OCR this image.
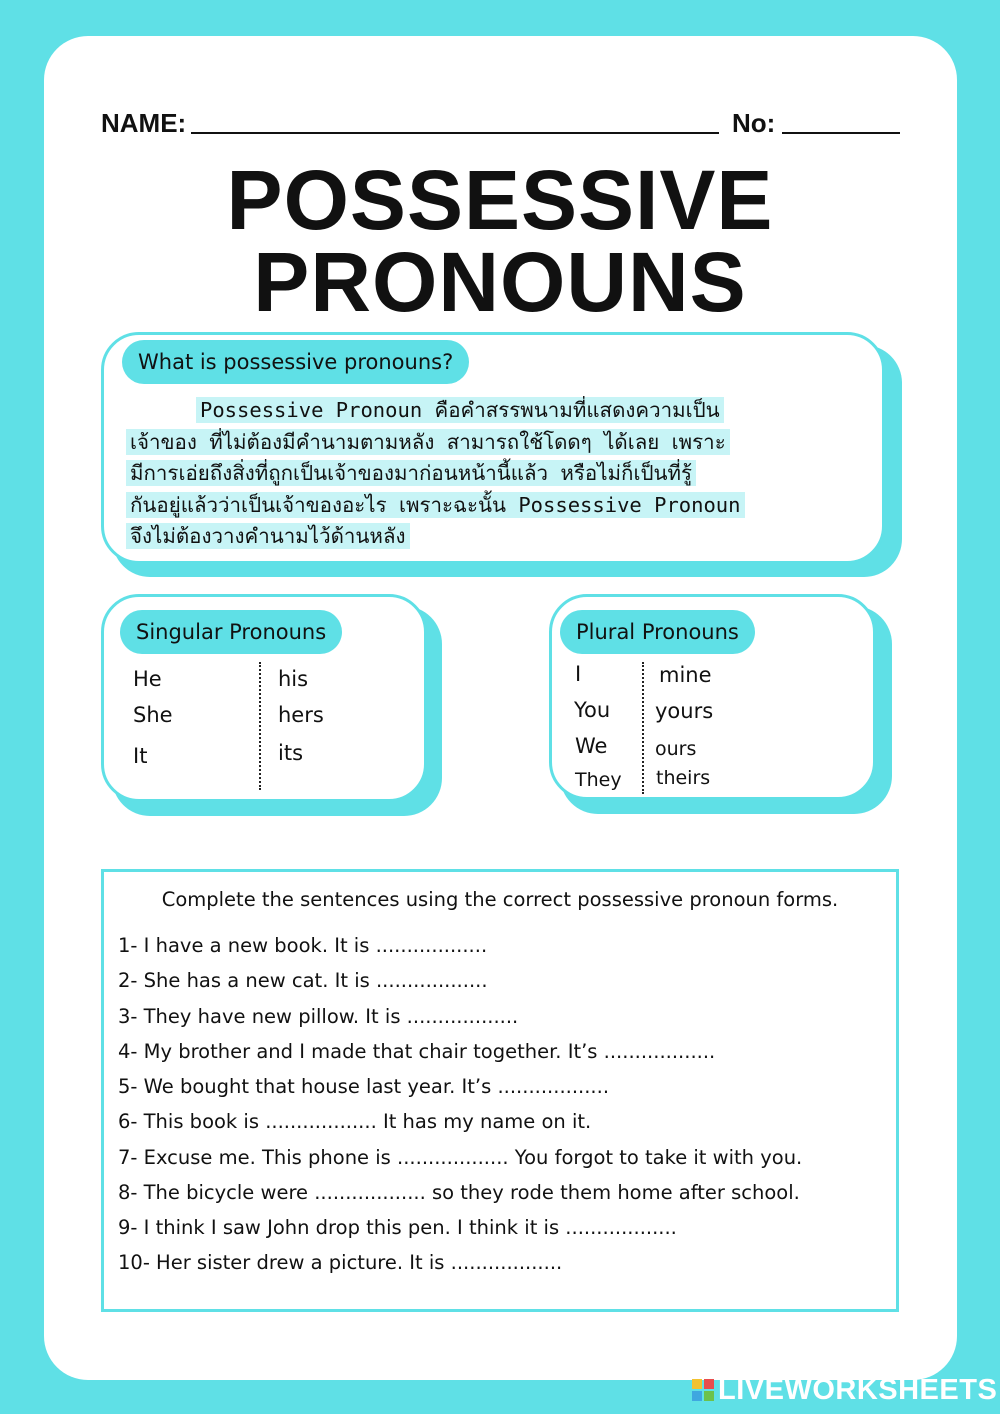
NAME:	No:
POSSESSIVE
PRONOUNS
What is possessive pronouns?
Possessive Pronoun คือคำสรรพนามที่แสดงความเป็น
เจ้าของ ที่ไม่ต้องมีคำนามตามหลัง สามารถใช้โดดๆ ได้เลย เพราะ
มีการเอ่ยถึงสิ่งที่ถูกเป็นเจ้าของมาก่อนหน้านี้แล้ว หรือไม่ก็เป็นที่รู้
กันอยู่แล้วว่าเป็นเจ้าของอะไร เพราะฉะนั้น Possessive Pronoun
จึงไม่ต้องวางคำนามไว้ด้านหลัง
Singular Pronouns
He	his
She	hers
It	its
Plural Pronouns
I	mine
You yours
We	ours
They theirs
Complete the sentences using the correct possessive pronoun forms.
1- I have a new book. It is ..................
2- She has a new cat. It is ..................
3- They have new pillow. It is ..................
4- My brother and I made that chair together. It’s ..................
5- We bought that house last year. It’s ..................
6- This book is .................. It has my name on it.
7- Excuse me. This phone is .................. You forgot to take it with you.
8- The bicycle were .................. so they rode them home after school.
9- I think I saw John drop this pen. I think it is ..................
10- Her sister drew a picture. It is ..................
LIVEWORKSHEETS
